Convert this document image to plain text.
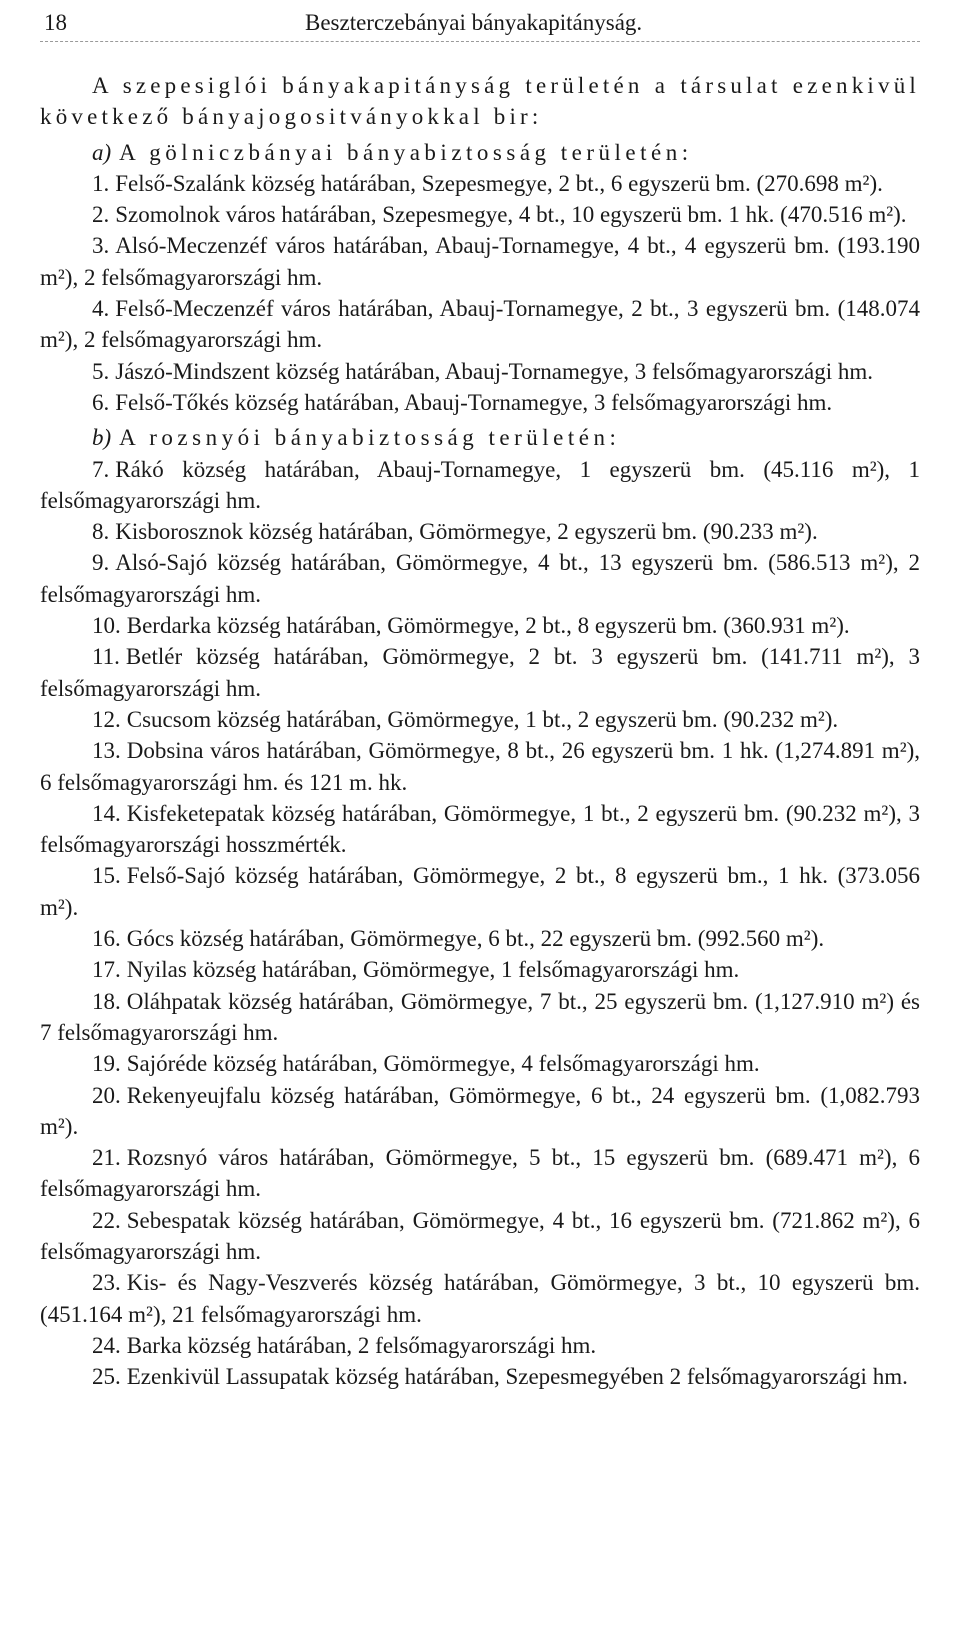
18	Beszterczebányai bányakapitányság.

A szepesiglói bányakapitányság területén a társulat ezenkivül következő bányajogositványokkal bir:

a) A gölniczbányai bányabiztosság területén:

1. Felső-Szalánk község határában, Szepesmegye, 2 bt., 6 egyszerü bm. (270.698 m²).
2. Szomolnok város határában, Szepesmegye, 4 bt., 10 egyszerü bm. 1 hk. (470.516 m²).
3. Alsó-Meczenzéf város határában, Abauj-Tornamegye, 4 bt., 4 egyszerü bm. (193.190 m²), 2 felsőmagyarországi hm.
4. Felső-Meczenzéf város határában, Abauj-Tornamegye, 2 bt., 3 egyszerü bm. (148.074 m²), 2 felsőmagyarországi hm.
5. Jászó-Mindszent község határában, Abauj-Tornamegye, 3 felsőmagyarországi hm.
6. Felső-Tőkés község határában, Abauj-Tornamegye, 3 felsőmagyarországi hm.

b) A rozsnyói bányabiztosság területén:

7. Rákó község határában, Abauj-Tornamegye, 1 egyszerü bm. (45.116 m²), 1 felsőmagyarországi hm.
8. Kisborosznok község határában, Gömörmegye, 2 egyszerü bm. (90.233 m²).
9. Alsó-Sajó község határában, Gömörmegye, 4 bt., 13 egyszerü bm. (586.513 m²), 2 felsőmagyarországi hm.
10. Berdarka község határában, Gömörmegye, 2 bt., 8 egyszerü bm. (360.931 m²).
11. Betlér község határában, Gömörmegye, 2 bt. 3 egyszerü bm. (141.711 m²), 3 felsőmagyarországi hm.
12. Csucsom község határában, Gömörmegye, 1 bt., 2 egyszerü bm. (90.232 m²).
13. Dobsina város határában, Gömörmegye, 8 bt., 26 egyszerü bm. 1 hk. (1,274.891 m²), 6 felsőmagyarországi hm. és 121 m. hk.
14. Kisfeketepatak község határában, Gömörmegye, 1 bt., 2 egyszerü bm. (90.232 m²), 3 felsőmagyarországi hosszmérték.
15. Felső-Sajó község határában, Gömörmegye, 2 bt., 8 egyszerü bm., 1 hk. (373.056 m²).
16. Gócs község határában, Gömörmegye, 6 bt., 22 egyszerü bm. (992.560 m²).
17. Nyilas község határában, Gömörmegye, 1 felsőmagyarországi hm.
18. Oláhpatak község határában, Gömörmegye, 7 bt., 25 egyszerü bm. (1,127.910 m²) és 7 felsőmagyarországi hm.
19. Sajóréde község határában, Gömörmegye, 4 felsőmagyarországi hm.
20. Rekenyeujfalu község határában, Gömörmegye, 6 bt., 24 egyszerü bm. (1,082.793 m²).
21. Rozsnyó város határában, Gömörmegye, 5 bt., 15 egyszerü bm. (689.471 m²), 6 felsőmagyarországi hm.
22. Sebespatak község határában, Gömörmegye, 4 bt., 16 egyszerü bm. (721.862 m²), 6 felsőmagyarországi hm.
23. Kis- és Nagy-Veszverés község határában, Gömörmegye, 3 bt., 10 egyszerü bm. (451.164 m²), 21 felsőmagyarországi hm.
24. Barka község határában, 2 felsőmagyarországi hm.
25. Ezenkivül Lassupatak község határában, Szepesmegyében 2 felsőmagyarországi hm.
